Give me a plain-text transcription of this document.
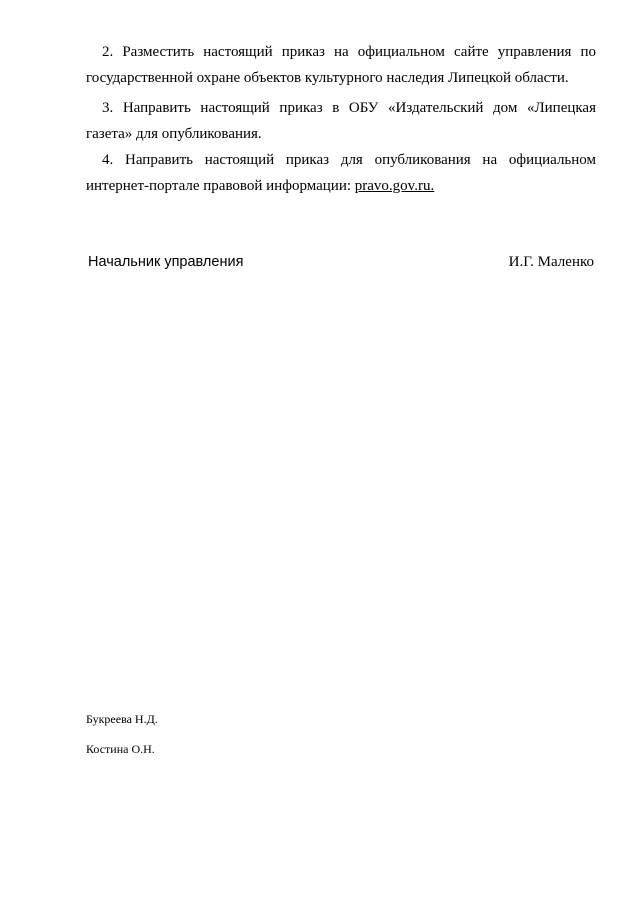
2. Разместить настоящий приказ на официальном сайте управления по государственной охране объектов культурного наследия Липецкой области.

3. Направить настоящий приказ в ОБУ «Издательский дом «Липецкая газета» для опубликования.

4. Направить настоящий приказ для опубликования на официальном интернет-портале правовой информации: pravo.gov.ru.

Начальник управления	И.Г. Маленко
Букреева Н.Д.
Костина О.Н.
